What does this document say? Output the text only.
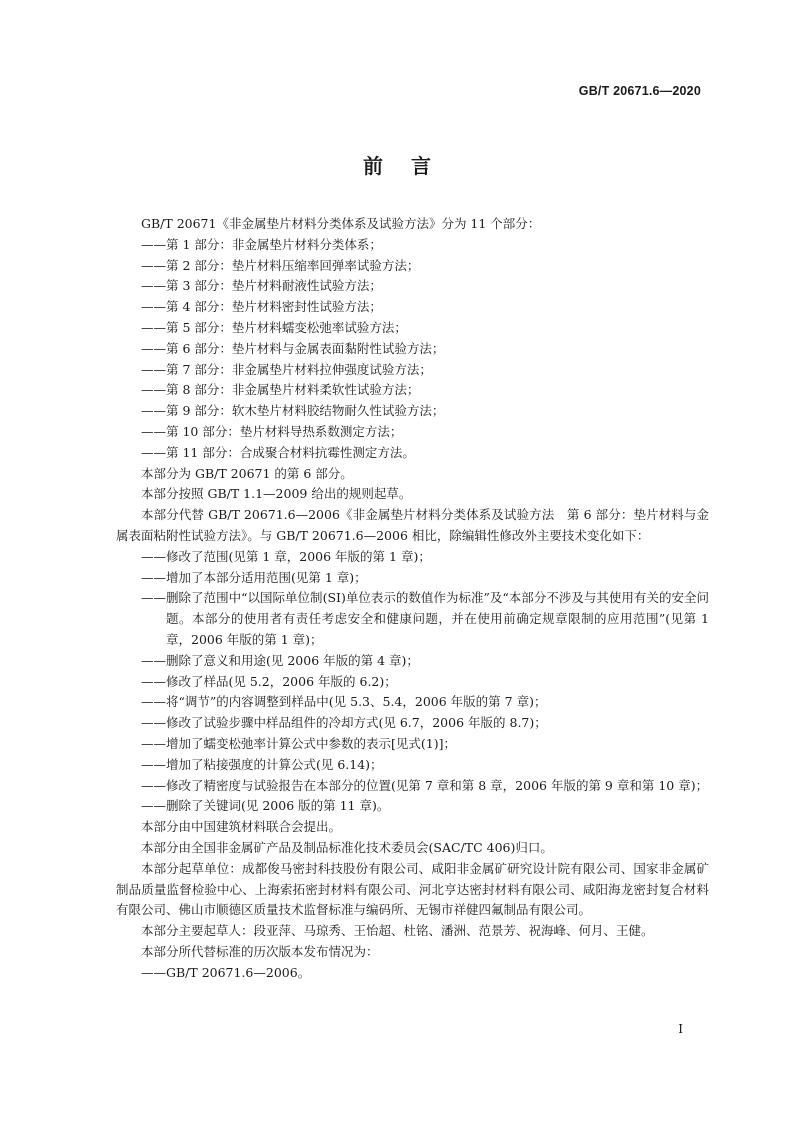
GB/T 20671.6—2020
前言

GB/T 20671《非金属垫片材料分类体系及试验方法》分为 11 个部分：

——第 1 部分：非金属垫片材料分类体系；

——第 2 部分：垫片材料压缩率回弹率试验方法；

——第 3 部分：垫片材料耐液性试验方法；

——第 4 部分：垫片材料密封性试验方法；

——第 5 部分：垫片材料蠕变松弛率试验方法；

——第 6 部分：垫片材料与金属表面黏附性试验方法；

——第 7 部分：非金属垫片材料拉伸强度试验方法；

——第 8 部分：非金属垫片材料柔软性试验方法；

——第 9 部分：软木垫片材料胶结物耐久性试验方法；

——第 10 部分：垫片材料导热系数测定方法；

——第 11 部分：合成聚合材料抗霉性测定方法。

本部分为 GB/T 20671 的第 6 部分。

本部分按照 GB/T 1.1—2009 给出的规则起草。

本部分代替 GB/T 20671.6—2006《非金属垫片材料分类体系及试验方法　第 6 部分：垫片材料与金属表面粘附性试验方法》。与 GB/T 20671.6—2006 相比，除编辑性修改外主要技术变化如下：

——修改了范围(见第 1 章，2006 年版的第 1 章)；

——增加了本部分适用范围(见第 1 章)；

——删除了范围中“以国际单位制(SI)单位表示的数值作为标准”及“本部分不涉及与其使用有关的安全问题。本部分的使用者有责任考虑安全和健康问题，并在使用前确定规章限制的应用范围”(见第 1 章，2006 年版的第 1 章)；

——删除了意义和用途(见 2006 年版的第 4 章)；

——修改了样品(见 5.2，2006 年版的 6.2)；

——将“调节”的内容调整到样品中(见 5.3、5.4，2006 年版的第 7 章)；

——修改了试验步骤中样品组件的冷却方式(见 6.7，2006 年版的 8.7)；

——增加了蠕变松弛率计算公式中参数的表示[见式(1)]；

——增加了粘接强度的计算公式(见 6.14)；

——修改了精密度与试验报告在本部分的位置(见第 7 章和第 8 章，2006 年版的第 9 章和第 10 章)；

——删除了关键词(见 2006 版的第 11 章)。

本部分由中国建筑材料联合会提出。

本部分由全国非金属矿产品及制品标准化技术委员会(SAC/TC 406)归口。

本部分起草单位：成都俊马密封科技股份有限公司、咸阳非金属矿研究设计院有限公司、国家非金属矿制品质量监督检验中心、上海索拓密封材料有限公司、河北亨达密封材料有限公司、咸阳海龙密封复合材料有限公司、佛山市顺德区质量技术监督标准与编码所、无锡市祥健四氟制品有限公司。

本部分主要起草人：段亚萍、马琼秀、王怡超、杜铭、潘洲、范景芳、祝海峰、何月、王健。

本部分所代替标准的历次版本发布情况为：

——GB/T 20671.6—2006。

I
